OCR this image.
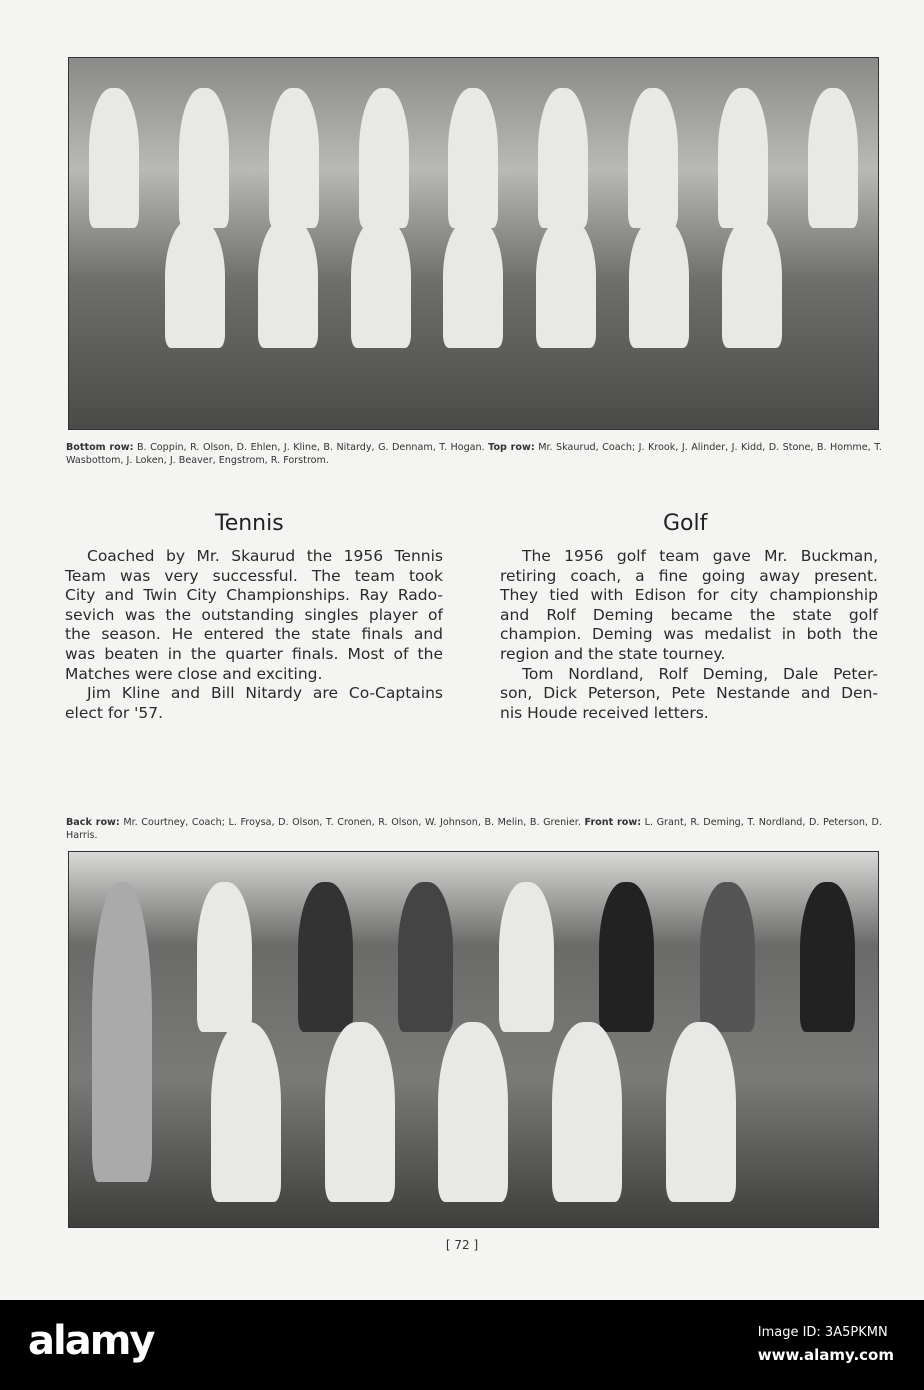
Bottom row: B. Coppin, R. Olson, D. Ehlen, J. Kline, B. Nitardy, G. Dennam, T. Hogan. Top row: Mr. Skaurud, Coach; J. Krook, J. Alinder, J. Kidd, D. Stone, B. Homme, T. Wasbottom, J. Loken, J. Beaver, Engstrom, R. Forstrom.
Tennis
Coached by Mr. Skaurud the 1956 Tennis
Team was very successful. The team took
City and Twin City Championships. Ray Rado-
sevich was the outstanding singles player of
the season. He entered the state finals and
was beaten in the quarter finals. Most of the
Matches were close and exciting.
Jim Kline and Bill Nitardy are Co-Captains
elect for '57.
Golf
The 1956 golf team gave Mr. Buckman,
retiring coach, a fine going away present.
They tied with Edison for city championship
and Rolf Deming became the state golf
champion. Deming was medalist in both the
region and the state tourney.
Tom Nordland, Rolf Deming, Dale Peter-
son, Dick Peterson, Pete Nestande and Den-
nis Houde received letters.
Back row: Mr. Courtney, Coach; L. Froysa, D. Olson, T. Cronen, R. Olson, W. Johnson, B. Melin, B. Grenier. Front row: L. Grant, R. Deming, T. Nordland, D. Peterson, D. Harris.
[ 72 ]
alamy	Image ID: 3A5PKMN
www.alamy.com
